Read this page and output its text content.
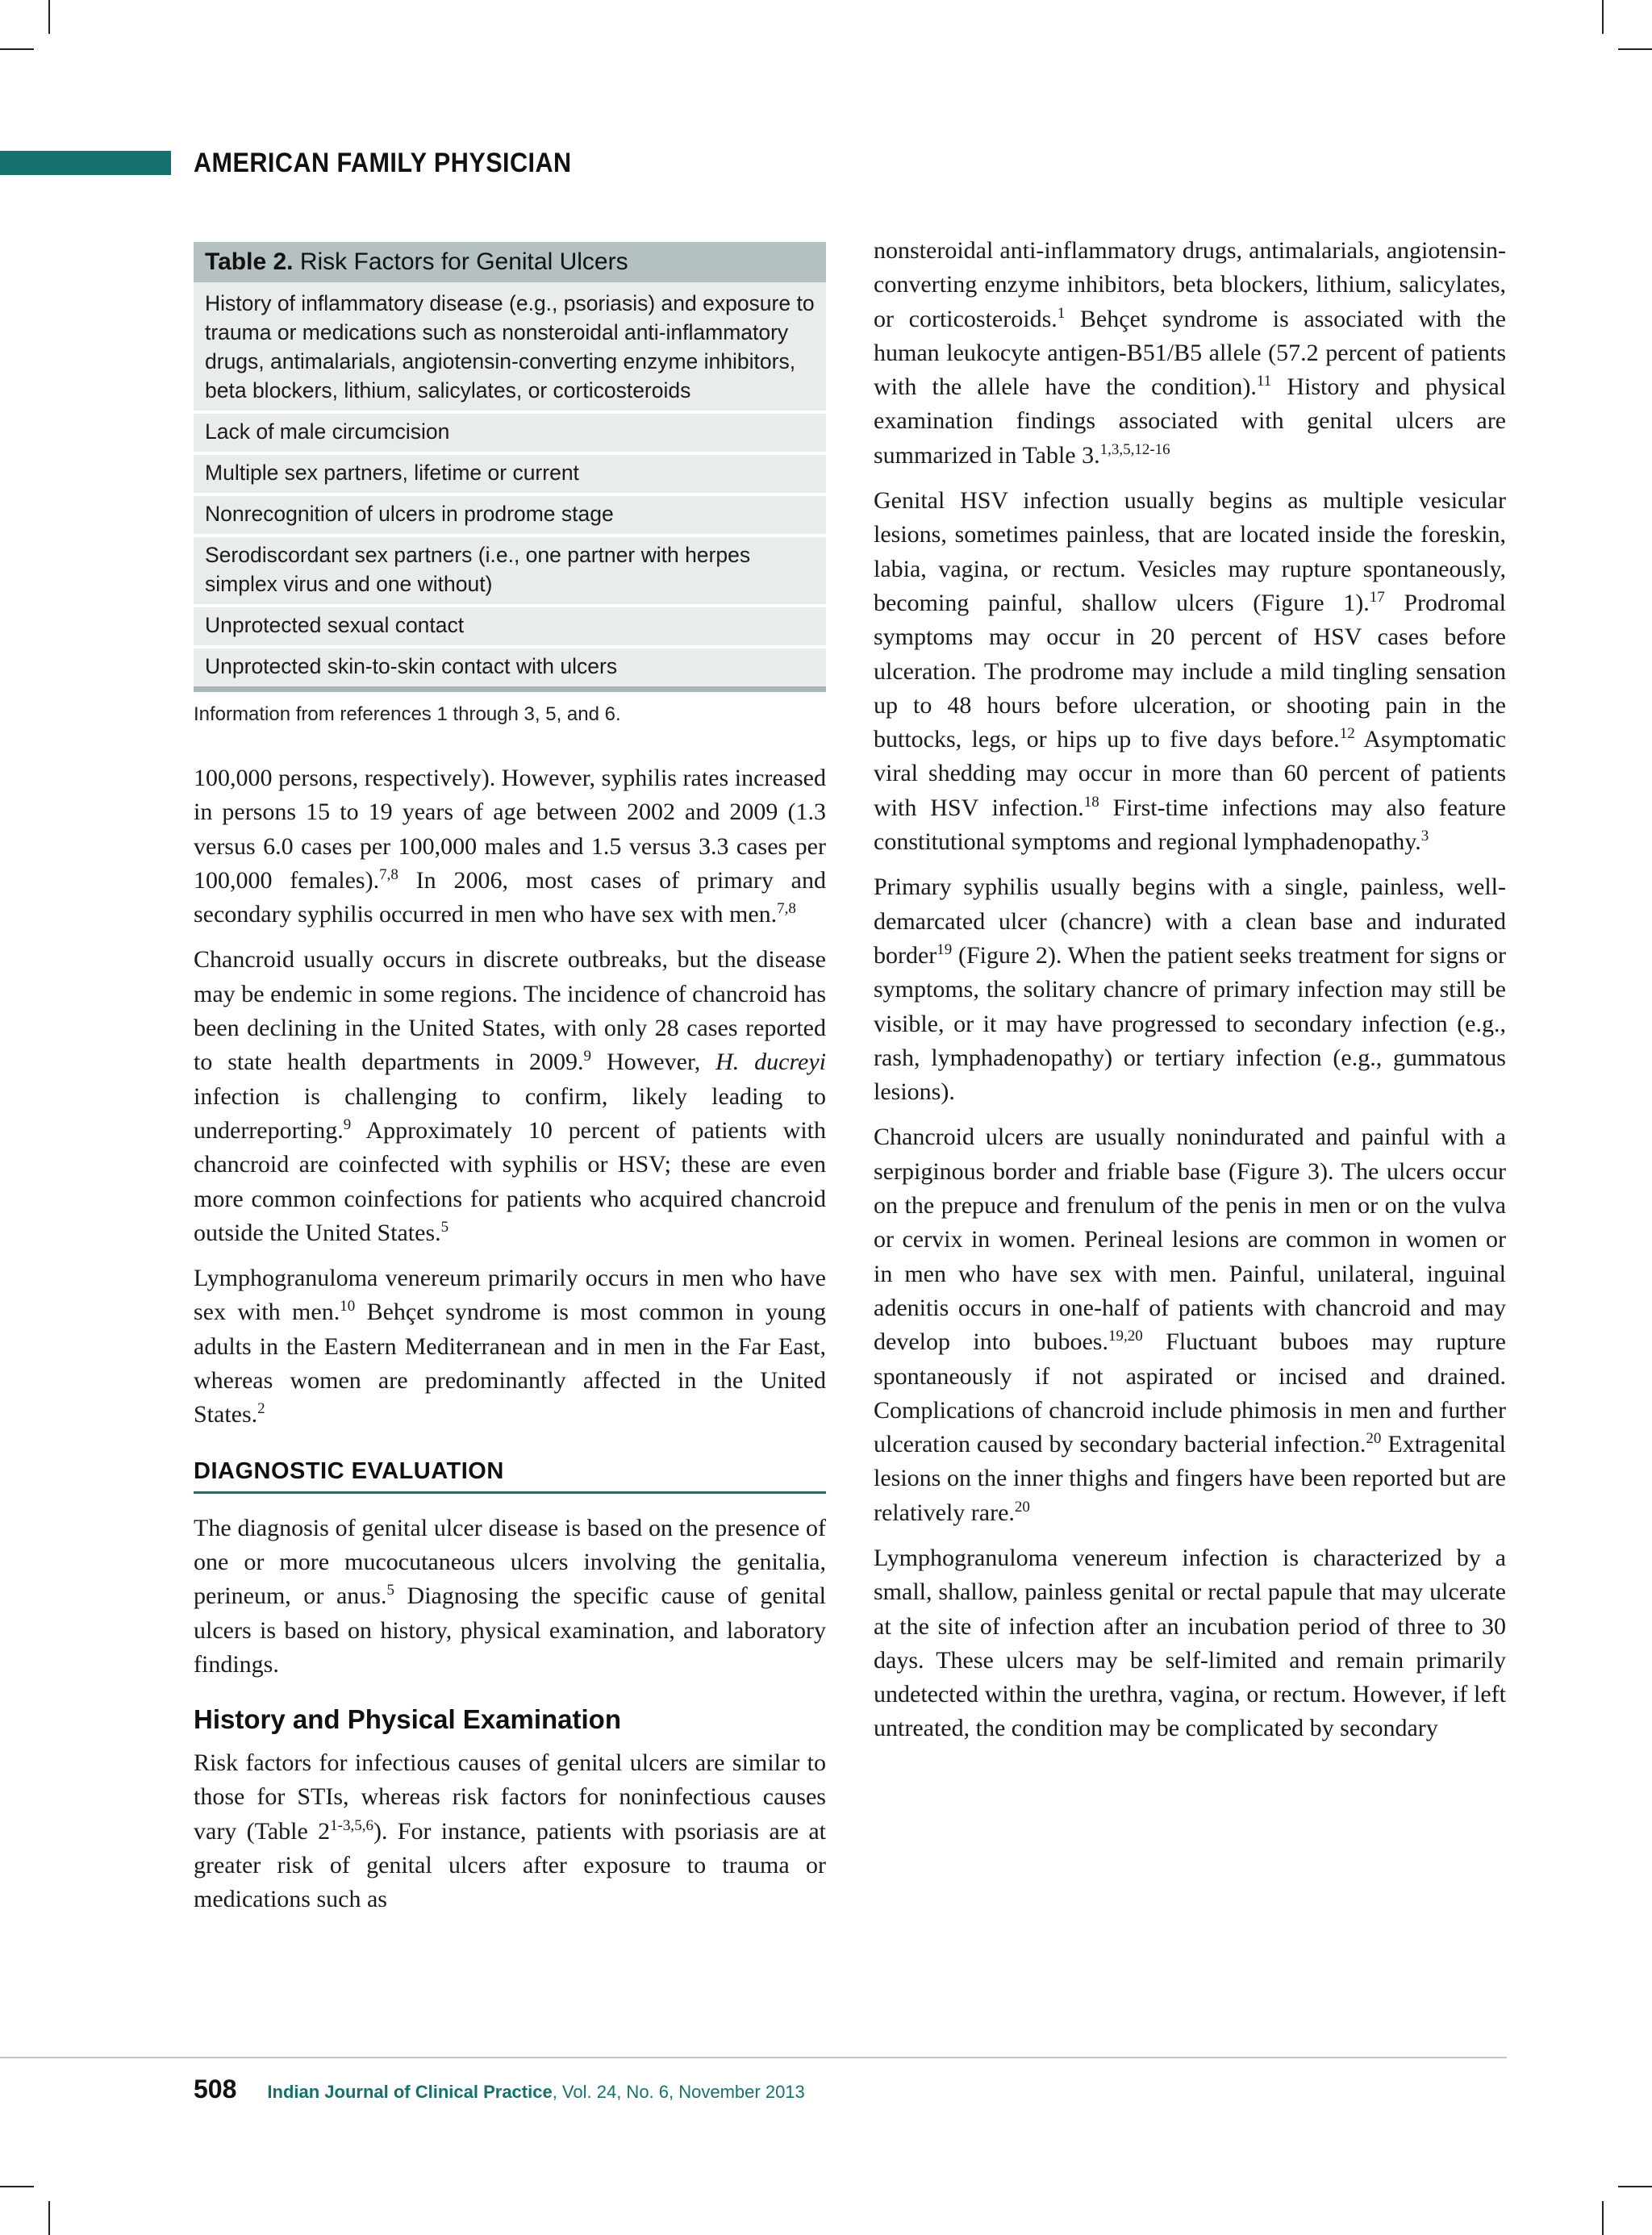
AMERICAN FAMILY PHYSICIAN
Table 2. Risk Factors for Genital Ulcers
History of inflammatory disease (e.g., psoriasis) and exposure to trauma or medications such as nonsteroidal anti-inflammatory drugs, antimalarials, angiotensin-converting enzyme inhibitors, beta blockers, lithium, salicylates, or corticosteroids
Lack of male circumcision
Multiple sex partners, lifetime or current
Nonrecognition of ulcers in prodrome stage
Serodiscordant sex partners (i.e., one partner with herpes simplex virus and one without)
Unprotected sexual contact
Unprotected skin-to-skin contact with ulcers
Information from references 1 through 3, 5, and 6.

100,000 persons, respectively). However, syphilis rates increased in persons 15 to 19 years of age between 2002 and 2009 (1.3 versus 6.0 cases per 100,000 males and 1.5 versus 3.3 cases per 100,000 females).$^{7,8}$ In 2006, most cases of primary and secondary syphilis occurred in men who have sex with men.$^{7,8}$

Chancroid usually occurs in discrete outbreaks, but the disease may be endemic in some regions. The incidence of chancroid has been declining in the United States, with only 28 cases reported to state health departments in 2009.$^9$ However, H. ducreyi infection is challenging to confirm, likely leading to underreporting.$^9$ Approximately 10 percent of patients with chancroid are coinfected with syphilis or HSV; these are even more common coinfections for patients who acquired chancroid outside the United States.$^5$

Lymphogranuloma venereum primarily occurs in men who have sex with men.$^{10}$ Behçet syndrome is most common in young adults in the Eastern Mediterranean and in men in the Far East, whereas women are predominantly affected in the United States.$^2$

DIAGNOSTIC EVALUATION

The diagnosis of genital ulcer disease is based on the presence of one or more mucocutaneous ulcers involving the genitalia, perineum, or anus.$^5$ Diagnosing the specific cause of genital ulcers is based on history, physical examination, and laboratory findings.

History and Physical Examination

Risk factors for infectious causes of genital ulcers are similar to those for STIs, whereas risk factors for noninfectious causes vary (Table 2$^{1-3,5,6}$). For instance, patients with psoriasis are at greater risk of genital ulcers after exposure to trauma or medications such as

nonsteroidal anti-inflammatory drugs, antimalarials, angiotensin-converting enzyme inhibitors, beta blockers, lithium, salicylates, or corticosteroids.$^1$ Behçet syndrome is associated with the human leukocyte antigen-B51/B5 allele (57.2 percent of patients with the allele have the condition).$^{11}$ History and physical examination findings associated with genital ulcers are summarized in Table 3.$^{1,3,5,12-16}$

Genital HSV infection usually begins as multiple vesicular lesions, sometimes painless, that are located inside the foreskin, labia, vagina, or rectum. Vesicles may rupture spontaneously, becoming painful, shallow ulcers (Figure 1).$^{17}$ Prodromal symptoms may occur in 20 percent of HSV cases before ulceration. The prodrome may include a mild tingling sensation up to 48 hours before ulceration, or shooting pain in the buttocks, legs, or hips up to five days before.$^{12}$ Asymptomatic viral shedding may occur in more than 60 percent of patients with HSV infection.$^{18}$ First-time infections may also feature constitutional symptoms and regional lymphadenopathy.$^3$

Primary syphilis usually begins with a single, painless, well-demarcated ulcer (chancre) with a clean base and indurated border$^{19}$ (Figure 2). When the patient seeks treatment for signs or symptoms, the solitary chancre of primary infection may still be visible, or it may have progressed to secondary infection (e.g., rash, lymphadenopathy) or tertiary infection (e.g., gummatous lesions).

Chancroid ulcers are usually nonindurated and painful with a serpiginous border and friable base (Figure 3). The ulcers occur on the prepuce and frenulum of the penis in men or on the vulva or cervix in women. Perineal lesions are common in women or in men who have sex with men. Painful, unilateral, inguinal adenitis occurs in one-half of patients with chancroid and may develop into buboes.$^{19,20}$ Fluctuant buboes may rupture spontaneously if not aspirated or incised and drained. Complications of chancroid include phimosis in men and further ulceration caused by secondary bacterial infection.$^{20}$ Extragenital lesions on the inner thighs and fingers have been reported but are relatively rare.$^{20}$

Lymphogranuloma venereum infection is characterized by a small, shallow, painless genital or rectal papule that may ulcerate at the site of infection after an incubation period of three to 30 days. These ulcers may be self-limited and remain primarily undetected within the urethra, vagina, or rectum. However, if left untreated, the condition may be complicated by secondary

508 Indian Journal of Clinical Practice, Vol. 24, No. 6, November 2013
